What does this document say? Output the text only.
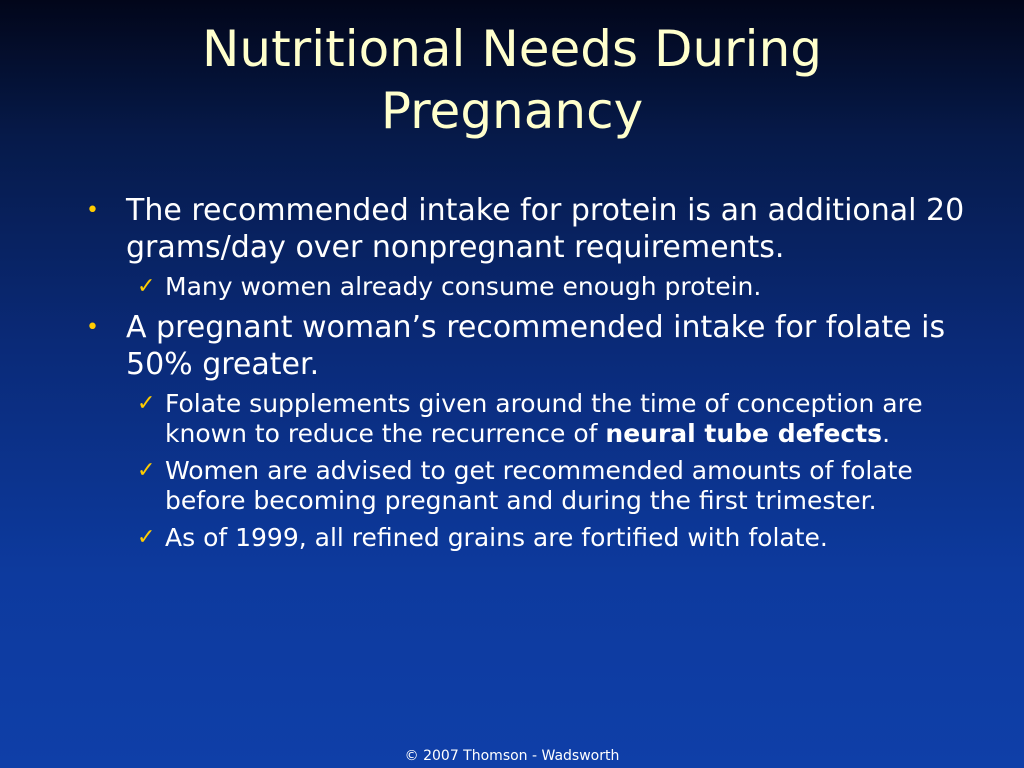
Nutritional Needs During Pregnancy
• The recommended intake for protein is an additional 20 grams/day over nonpregnant requirements.
✓ Many women already consume enough protein.
• A pregnant woman’s recommended intake for folate is 50% greater.
✓ Folate supplements given around the time of conception are known to reduce the recurrence of neural tube defects.
✓ Women are advised to get recommended amounts of folate before becoming pregnant and during the first trimester.
✓ As of 1999, all refined grains are fortified with folate.
© 2007 Thomson - Wadsworth
